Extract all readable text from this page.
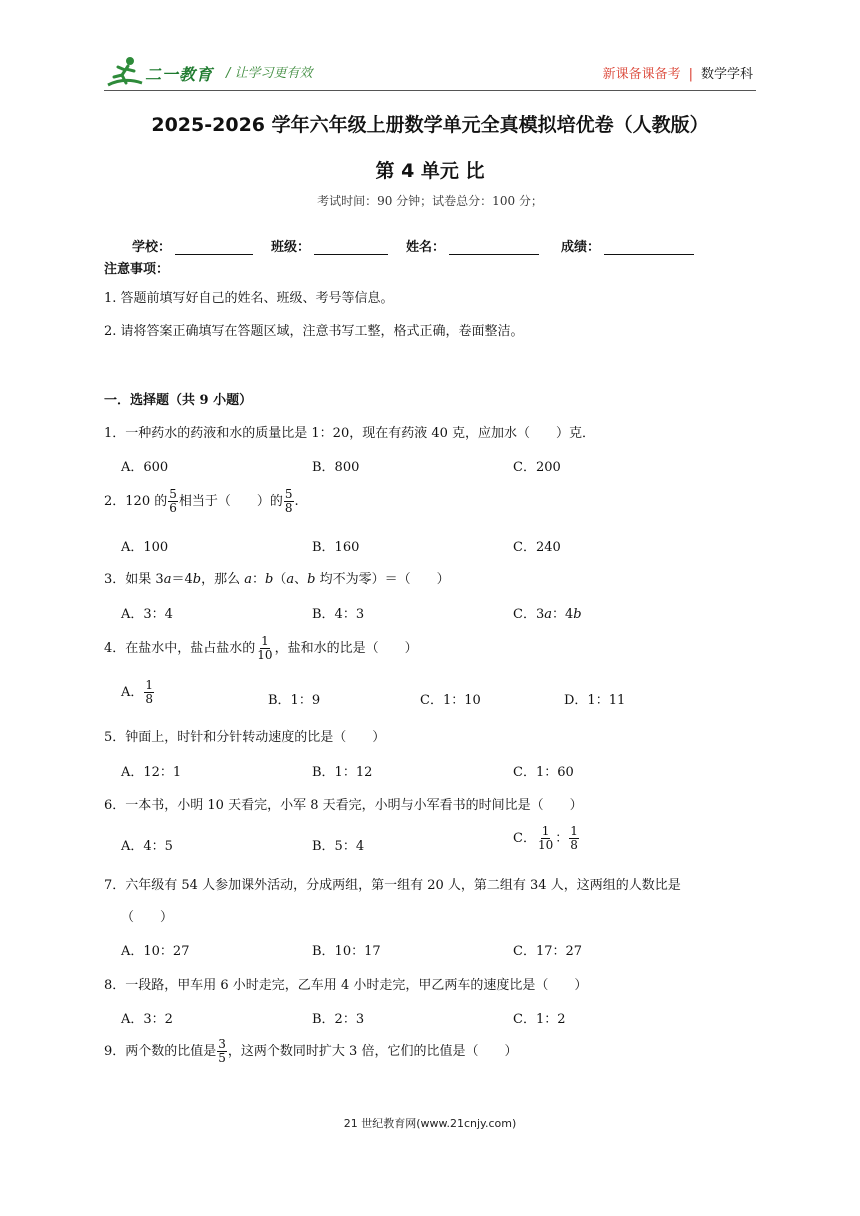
二一教育 / 让学习更有效	新课备课备考 | 数学学科
2025-2026 学年六年级上册数学单元全真模拟培优卷（人教版）
第 4 单元 比
考试时间：90 分钟；试卷总分：100 分；
学校：	班级：	姓名：	成绩：
注意事项：
1. 答题前填写好自己的姓名、班级、考号等信息。
2. 请将答案正确填写在答题区域，注意书写工整，格式正确，卷面整洁。
一．选择题（共 9 小题）
1．一种药水的药液和水的质量比是 1：20，现在有药液 40 克，应加水（　　）克．
A．600	B．800	C．200
2．120 的 $\frac{5}{6}$ 相当于（　　）的 $\frac{5}{8}$ .
A．100	B．160	C．240
3．如果 3a＝4b，那么 a：b（a、b 均不为零）＝（　　）
A．3：4	B．4：3	C．3a：4b
4．在盐水中，盐占盐水的 $\frac{1}{10}$ ，盐和水的比是（　　）
A． $\frac{1}{8}$	B．1：9	C．1：10	D．1：11
5．钟面上，时针和分针转动速度的比是（　　）
A．12：1	B．1：12	C．1：60
6．一本书，小明 10 天看完，小军 8 天看完，小明与小军看书的时间比是（　　）
A．4：5	B．5：4
C． $\frac{1}{10}$ ： $\frac{1}{8}$
7．六年级有 54 人参加课外活动，分成两组，第一组有 20 人，第二组有 34 人，这两组的人数比是
（　　）
A．10：27	B．10：17	C．17：27
8．一段路，甲车用 6 小时走完，乙车用 4 小时走完，甲乙两车的速度比是（　　）
A．3：2	B．2：3	C．1：2
9．两个数的比值是 $\frac{3}{5}$ ，这两个数同时扩大 3 倍，它们的比值是（　　）
21 世纪教育网(www.21cnjy.com)
